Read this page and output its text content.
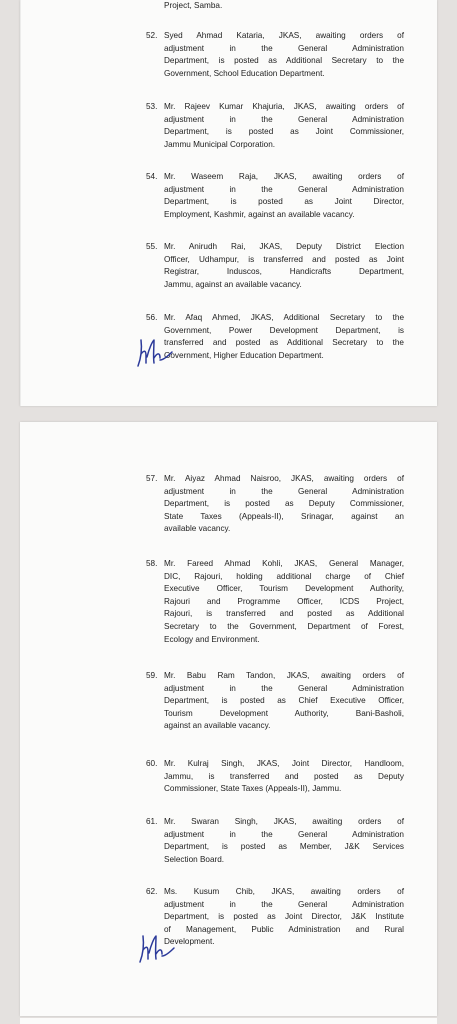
Project, Samba.
52. Syed Ahmad Kataria, JKAS, awaiting orders of
adjustment in the General Administration
Department, is posted as Additional Secretary to the
Government, School Education Department.
53. Mr. Rajeev Kumar Khajuria, JKAS, awaiting orders of
adjustment in the General Administration
Department, is posted as Joint Commissioner,
Jammu Municipal Corporation.
54. Mr. Waseem Raja, JKAS, awaiting orders of
adjustment in the General Administration
Department, is posted as Joint Director,
Employment, Kashmir, against an available vacancy.
55. Mr. Anirudh Rai, JKAS, Deputy District Election
Officer, Udhampur, is transferred and posted as Joint
Registrar, Induscos, Handicrafts Department,
Jammu, against an available vacancy.
56. Mr. Afaq Ahmed, JKAS, Additional Secretary to the
Government, Power Development Department, is
transferred and posted as Additional Secretary to the
Government, Higher Education Department.
57. Mr. Aiyaz Ahmad Naisroo, JKAS, awaiting orders of
adjustment in the General Administration
Department, is posted as Deputy Commissioner,
State Taxes (Appeals-II), Srinagar, against an
available vacancy.
58. Mr. Fareed Ahmad Kohli, JKAS, General Manager,
DIC, Rajouri, holding additional charge of Chief
Executive Officer, Tourism Development Authority,
Rajouri and Programme Officer, ICDS Project,
Rajouri, is transferred and posted as Additional
Secretary to the Government, Department of Forest,
Ecology and Environment.
59. Mr. Babu Ram Tandon, JKAS, awaiting orders of
adjustment in the General Administration
Department, is posted as Chief Executive Officer,
Tourism Development Authority, Bani-Basholi,
against an available vacancy.
60. Mr. Kulraj Singh, JKAS, Joint Director, Handloom,
Jammu, is transferred and posted as Deputy
Commissioner, State Taxes (Appeals-II), Jammu.
61. Mr. Swaran Singh, JKAS, awaiting orders of
adjustment in the General Administration
Department, is posted as Member, J&K Services
Selection Board.
62. Ms. Kusum Chib, JKAS, awaiting orders of
adjustment in the General Administration
Department, is posted as Joint Director, J&K Institute
of Management, Public Administration and Rural
Development.
